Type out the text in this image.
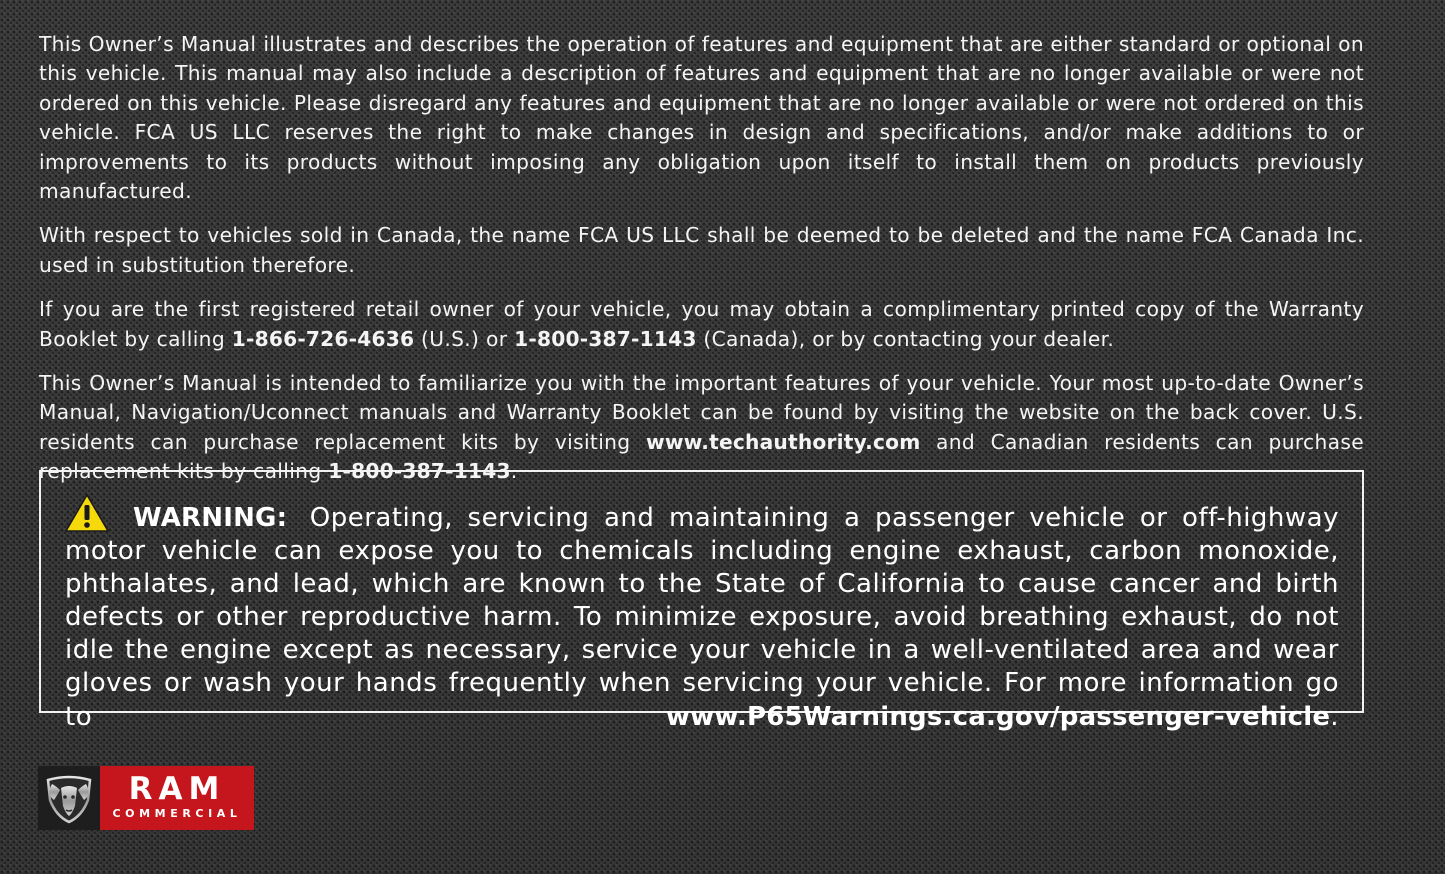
This Owner’s Manual illustrates and describes the operation of features and equipment that are either standard or optional on this vehicle. This manual may also include a description of features and equipment that are no longer available or were not ordered on this vehicle. Please disregard any features and equipment that are no longer available or were not ordered on this vehicle. FCA US LLC reserves the right to make changes in design and specifications, and/or make additions to or improvements to its products without imposing any obligation upon itself to install them on products previously manufactured.

With respect to vehicles sold in Canada, the name FCA US LLC shall be deemed to be deleted and the name FCA Canada Inc. used in substitution therefore.

If you are the first registered retail owner of your vehicle, you may obtain a complimentary printed copy of the Warranty Booklet by calling 1-866-726-4636 (U.S.) or 1-800-387-1143 (Canada), or by contacting your dealer.

This Owner’s Manual is intended to familiarize you with the important features of your vehicle. Your most up-to-date Owner’s Manual, Navigation/Uconnect manuals and Warranty Booklet can be found by visiting the website on the back cover. U.S. residents can purchase replacement kits by visiting www.techauthority.com and Canadian residents can purchase replacement kits by calling 1-800-387-1143.

WARNING: Operating, servicing and maintaining a passenger vehicle or off-highway motor vehicle can expose you to chemicals including engine exhaust, carbon monoxide, phthalates, and lead, which are known to the State of California to cause cancer and birth defects or other reproductive harm. To minimize exposure, avoid breathing exhaust, do not idle the engine except as necessary, service your vehicle in a well-ventilated area and wear gloves or wash your hands frequently when servicing your vehicle. For more information go to www.P65Warnings.ca.gov/passenger-vehicle.
RAM
COMMERCIAL
